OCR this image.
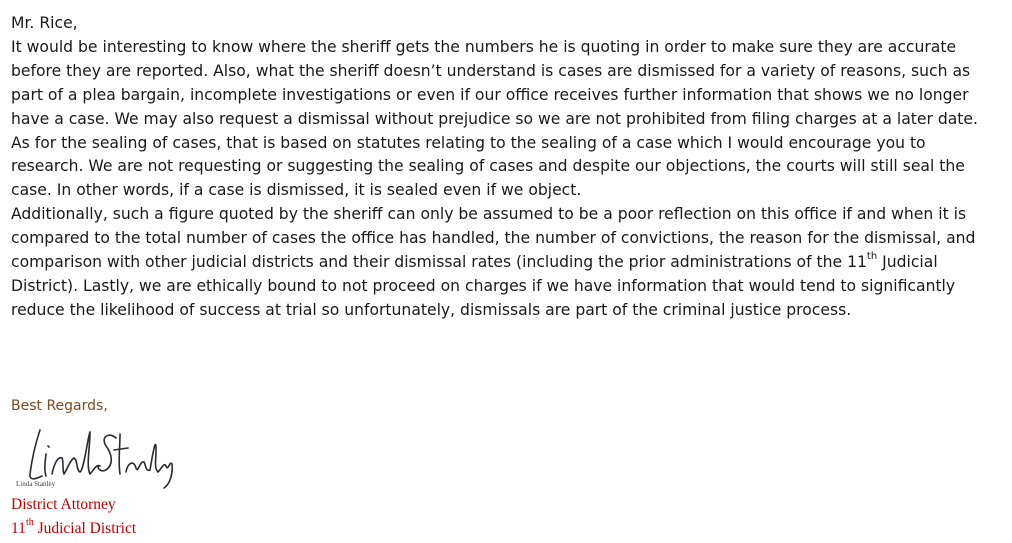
Mr. Rice,

It would be interesting to know where the sheriff gets the numbers he is quoting in order to make sure they are accurate before they are reported. Also, what the sheriff doesn’t understand is cases are dismissed for a variety of reasons, such as part of a plea bargain, incomplete investigations or even if our office receives further information that shows we no longer have a case. We may also request a dismissal without prejudice so we are not prohibited from filing charges at a later date.

As for the sealing of cases, that is based on statutes relating to the sealing of a case which I would encourage you to research. We are not requesting or suggesting the sealing of cases and despite our objections, the courts will still seal the case. In other words, if a case is dismissed, it is sealed even if we object.

Additionally, such a figure quoted by the sheriff can only be assumed to be a poor reflection on this office if and when it is compared to the total number of cases the office has handled, the number of convictions, the reason for the dismissal, and comparison with other judicial districts and their dismissal rates (including the prior administrations of the 11th Judicial District). Lastly, we are ethically bound to not proceed on charges if we have information that would tend to significantly reduce the likelihood of success at trial so unfortunately, dismissals are part of the criminal justice process.

Best Regards,
Linda Stanley
District Attorney
11th Judicial District
